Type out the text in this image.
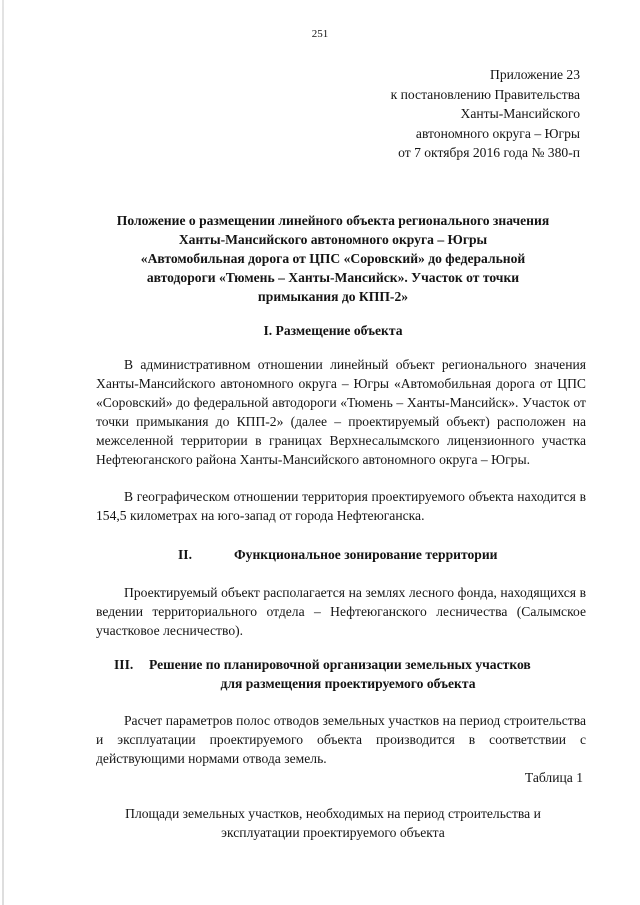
251
Приложение 23
к постановлению Правительства
Ханты-Мансийского
автономного округа – Югры
от 7 октября 2016 года № 380-п
Положение о размещении линейного объекта регионального значения
Ханты-Мансийского автономного округа – Югры
«Автомобильная дорога от ЦПС «Соровский» до федеральной
автодороги «Тюмень – Ханты-Мансийск». Участок от точки
примыкания до КПП-2»
I. Размещение объекта
В административном отношении линейный объект регионального значения Ханты-Мансийского автономного округа – Югры «Автомобильная дорога от ЦПС «Соровский» до федеральной автодороги «Тюмень – Ханты-Мансийск». Участок от точки примыкания до КПП-2» (далее – проектируемый объект) расположен на межселенной территории в границах Верхнесалымского лицензионного участка Нефтеюганского района Ханты-Мансийского автономного округа – Югры.
В географическом отношении территория проектируемого объекта находится в 154,5 километрах на юго-запад от города Нефтеюганска.
II.	Функциональное зонирование территории
Проектируемый объект располагается на землях лесного фонда, находящихся в ведении территориального отдела – Нефтеюганского лесничества (Салымское участковое лесничество).
III. Решение по планировочной организации земельных участков
для размещения проектируемого объекта
Расчет параметров полос отводов земельных участков на период строительства и эксплуатации проектируемого объекта производится в соответствии с действующими нормами отвода земель.
Таблица 1
Площади земельных участков, необходимых на период строительства и
эксплуатации проектируемого объекта
